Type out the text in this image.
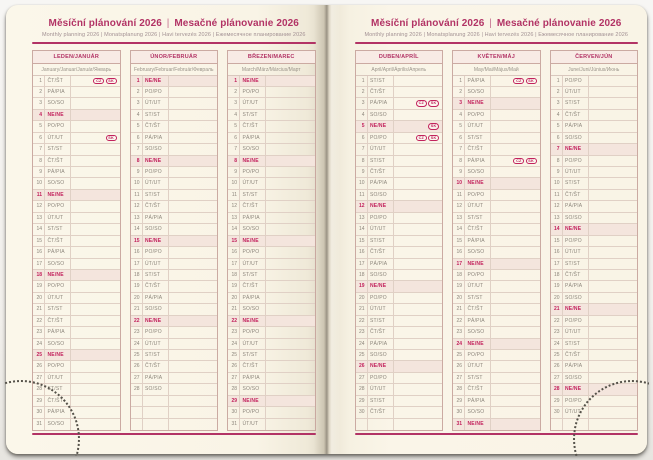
Měsíční plánování 2026 | Mesačné plánovanie 2026
Monthly planning 2026 | Monatsplanung 2026 | Havi tervezés 2026 | Ежемесячное планирование 2026
LEDEN/JANUÁR
January/Januar/Január/Январь
1	ČT/ŠT	CZ SK
2	PÁ/PIA
3	SO/SO
4	NE/NE
5	PO/PO
6	ÚT/UT	SK
7	ST/ST
8	ČT/ŠT
9	PÁ/PIA
10	SO/SO
11	NE/NE
12	PO/PO
13	ÚT/UT
14	ST/ST
15	ČT/ŠT
16	PÁ/PIA
17	SO/SO
18	NE/NE
19	PO/PO
20	ÚT/UT
21	ST/ST
22	ČT/ŠT
23	PÁ/PIA
24	SO/SO
25	NE/NE
26	PO/PO
27	ÚT/UT
28	ST/ST
29	ČT/ŠT
30	PÁ/PIA
31	SO/SO
ÚNOR/FEBRUÁR
February/Februar/Február/Февраль
1	NE/NE
2	PO/PO
3	ÚT/UT
4	ST/ST
5	ČT/ŠT
6	PÁ/PIA
7	SO/SO
8	NE/NE
9	PO/PO
10	ÚT/UT
11	ST/ST
12	ČT/ŠT
13	PÁ/PIA
14	SO/SO
15	NE/NE
16	PO/PO
17	ÚT/UT
18	ST/ST
19	ČT/ŠT
20	PÁ/PIA
21	SO/SO
22	NE/NE
23	PO/PO
24	ÚT/UT
25	ST/ST
26	ČT/ŠT
27	PÁ/PIA
28	SO/SO
BŘEZEN/MAREC
March/März/Március/Март
1	NE/NE
2	PO/PO
3	ÚT/UT
4	ST/ST
5	ČT/ŠT
6	PÁ/PIA
7	SO/SO
8	NE/NE
9	PO/PO
10	ÚT/UT
11	ST/ST
12	ČT/ŠT
13	PÁ/PIA
14	SO/SO
15	NE/NE
16	PO/PO
17	ÚT/UT
18	ST/ST
19	ČT/ŠT
20	PÁ/PIA
21	SO/SO
22	NE/NE
23	PO/PO
24	ÚT/UT
25	ST/ST
26	ČT/ŠT
27	PÁ/PIA
28	SO/SO
29	NE/NE
30	PO/PO
31	ÚT/UT
Měsíční plánování 2026 | Mesačné plánovanie 2026
Monthly planning 2026 | Monatsplanung 2026 | Havi tervezés 2026 | Ежемесячное планирование 2026
DUBEN/APRÍL
April/April/Április/Апрель
1	ST/ST
2	ČT/ŠT
3	PÁ/PIA	CZ SK
4	SO/SO
5	NE/NE	SK
6	PO/PO	CZ SK
7	ÚT/UT
8	ST/ST
9	ČT/ŠT
10	PÁ/PIA
11	SO/SO
12	NE/NE
13	PO/PO
14	ÚT/UT
15	ST/ST
16	ČT/ŠT
17	PÁ/PIA
18	SO/SO
19	NE/NE
20	PO/PO
21	ÚT/UT
22	ST/ST
23	ČT/ŠT
24	PÁ/PIA
25	SO/SO
26	NE/NE
27	PO/PO
28	ÚT/UT
29	ST/ST
30	ČT/ŠT
KVĚTEN/MÁJ
May/Mai/Május/Май
1	PÁ/PIA	CZ SK
2	SO/SO
3	NE/NE
4	PO/PO
5	ÚT/UT
6	ST/ST
7	ČT/ŠT
8	PÁ/PIA	CZ SK
9	SO/SO
10	NE/NE
11	PO/PO
12	ÚT/UT
13	ST/ST
14	ČT/ŠT
15	PÁ/PIA
16	SO/SO
17	NE/NE
18	PO/PO
19	ÚT/UT
20	ST/ST
21	ČT/ŠT
22	PÁ/PIA
23	SO/SO
24	NE/NE
25	PO/PO
26	ÚT/UT
27	ST/ST
28	ČT/ŠT
29	PÁ/PIA
30	SO/SO
31	NE/NE
ČERVEN/JÚN
June/Juni/Június/Июнь
1	PO/PO
2	ÚT/UT
3	ST/ST
4	ČT/ŠT
5	PÁ/PIA
6	SO/SO
7	NE/NE
8	PO/PO
9	ÚT/UT
10	ST/ST
11	ČT/ŠT
12	PÁ/PIA
13	SO/SO
14	NE/NE
15	PO/PO
16	ÚT/UT
17	ST/ST
18	ČT/ŠT
19	PÁ/PIA
20	SO/SO
21	NE/NE
22	PO/PO
23	ÚT/UT
24	ST/ST
25	ČT/ŠT
26	PÁ/PIA
27	SO/SO
28	NE/NE
29	PO/PO
30	ÚT/UT
